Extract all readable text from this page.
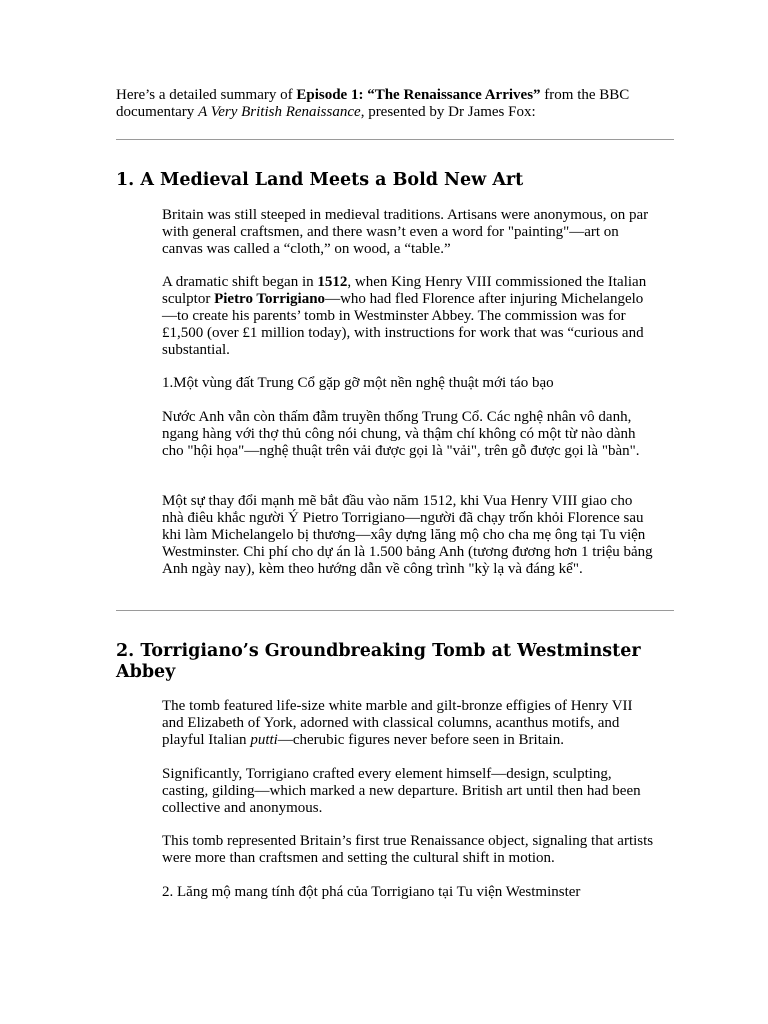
Here’s a detailed summary of Episode 1: “The Renaissance Arrives” from the BBC documentary A Very British Renaissance, presented by Dr James Fox:

1. A Medieval Land Meets a Bold New Art

Britain was still steeped in medieval traditions. Artisans were anonymous, on par with general craftsmen, and there wasn’t even a word for "painting"—art on canvas was called a “cloth,” on wood, a “table.”

A dramatic shift began in 1512, when King Henry VIII commissioned the Italian sculptor Pietro Torrigiano—who had fled Florence after injuring Michelangelo—to create his parents’ tomb in Westminster Abbey. The commission was for £1,500 (over £1 million today), with instructions for work that was “curious and substantial.

1.Một vùng đất Trung Cổ gặp gỡ một nền nghệ thuật mới táo bạo

Nước Anh vẫn còn thấm đẫm truyền thống Trung Cổ. Các nghệ nhân vô danh, ngang hàng với thợ thủ công nói chung, và thậm chí không có một từ nào dành cho "hội họa"—nghệ thuật trên vải được gọi là "vải", trên gỗ được gọi là "bàn".

Một sự thay đổi mạnh mẽ bắt đầu vào năm 1512, khi Vua Henry VIII giao cho nhà điêu khắc người Ý Pietro Torrigiano—người đã chạy trốn khỏi Florence sau khi làm Michelangelo bị thương—xây dựng lăng mộ cho cha mẹ ông tại Tu viện Westminster. Chi phí cho dự án là 1.500 bảng Anh (tương đương hơn 1 triệu bảng Anh ngày nay), kèm theo hướng dẫn về công trình "kỳ lạ và đáng kể".

2. Torrigiano’s Groundbreaking Tomb at Westminster Abbey

The tomb featured life-size white marble and gilt-bronze effigies of Henry VII and Elizabeth of York, adorned with classical columns, acanthus motifs, and playful Italian putti—cherubic figures never before seen in Britain.

Significantly, Torrigiano crafted every element himself—design, sculpting, casting, gilding—which marked a new departure. British art until then had been collective and anonymous.

This tomb represented Britain’s first true Renaissance object, signaling that artists were more than craftsmen and setting the cultural shift in motion.

2. Lăng mộ mang tính đột phá của Torrigiano tại Tu viện Westminster
